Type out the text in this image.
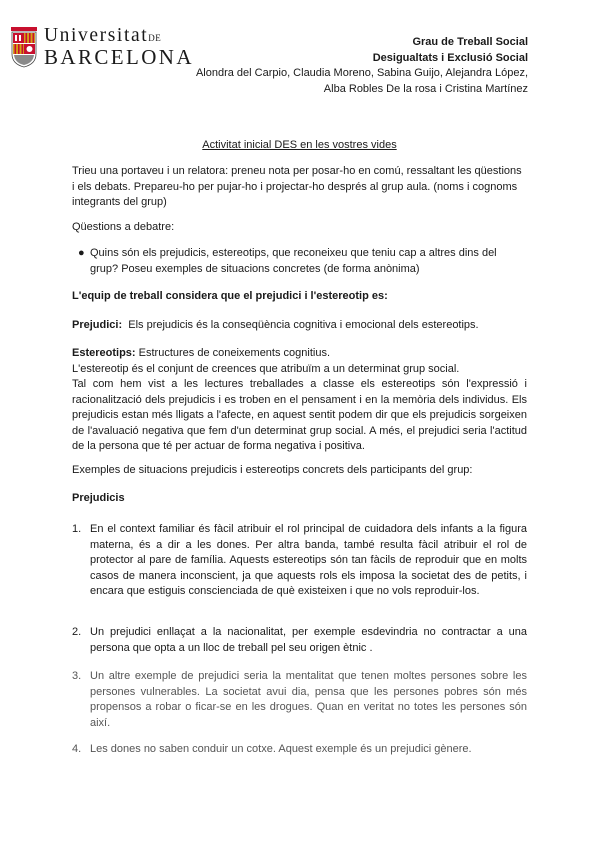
UniversitatDE
BARCELONA
Grau de Treball Social
Desigualtats i Exclusió Social
Alondra del Carpio, Claudia Moreno, Sabina Guijo, Alejandra López,
Alba Robles De la rosa i Cristina Martínez
Activitat inicial DES en les vostres vides

Trieu una portaveu i un relatora: preneu nota per posar-ho en comú, ressaltant les qüestions i els debats. Prepareu-ho per pujar-ho i projectar-ho després al grup aula. (noms i cognoms integrants del grup)

Qüestions a debatre:

● Quins són els prejudicis, estereotips, que reconeixeu que teniu cap a altres dins del grup? Poseu exemples de situacions concretes (de forma anònima)

L'equip de treball considera que el prejudici i l'estereotip es:

Prejudici: Els prejudicis és la conseqüència cognitiva i emocional dels estereotips.

Estereotips: Estructures de coneixements cognitius.
L'estereotip és el conjunt de creences que atribuïm a un determinat grup social.
Tal com hem vist a les lectures treballades a classe els estereotips són l'expressió i racionalització dels prejudicis i es troben en el pensament i en la memòria dels individus. Els prejudicis estan més lligats a l'afecte, en aquest sentit podem dir que els prejudicis sorgeixen de l'avaluació negativa que fem d'un determinat grup social. A més, el prejudici seria l'actitud de la persona que té per actuar de forma negativa i positiva.

Exemples de situacions prejudicis i estereotips concrets dels participants del grup:

Prejudicis

1. En el context familiar és fàcil atribuir el rol principal de cuidadora dels infants a la figura materna, és a dir a les dones. Per altra banda, també resulta fàcil atribuir el rol de protector al pare de família. Aquests estereotips són tan fàcils de reproduir que en molts casos de manera inconscient, ja que aquests rols els imposa la societat des de petits, i encara que estiguis conscienciada de què existeixen i que no vols reproduir-los.
2. Un prejudici enllaçat a la nacionalitat, per exemple esdevindria no contractar a una persona que opta a un lloc de treball pel seu origen ètnic .
3. Un altre exemple de prejudici seria la mentalitat que tenen moltes persones sobre les persones vulnerables. La societat avui dia, pensa que les persones pobres són més propensos a robar o ficar-se en les drogues. Quan en veritat no totes les persones són així.
4. Les dones no saben conduir un cotxe. Aquest exemple és un prejudici gènere.
